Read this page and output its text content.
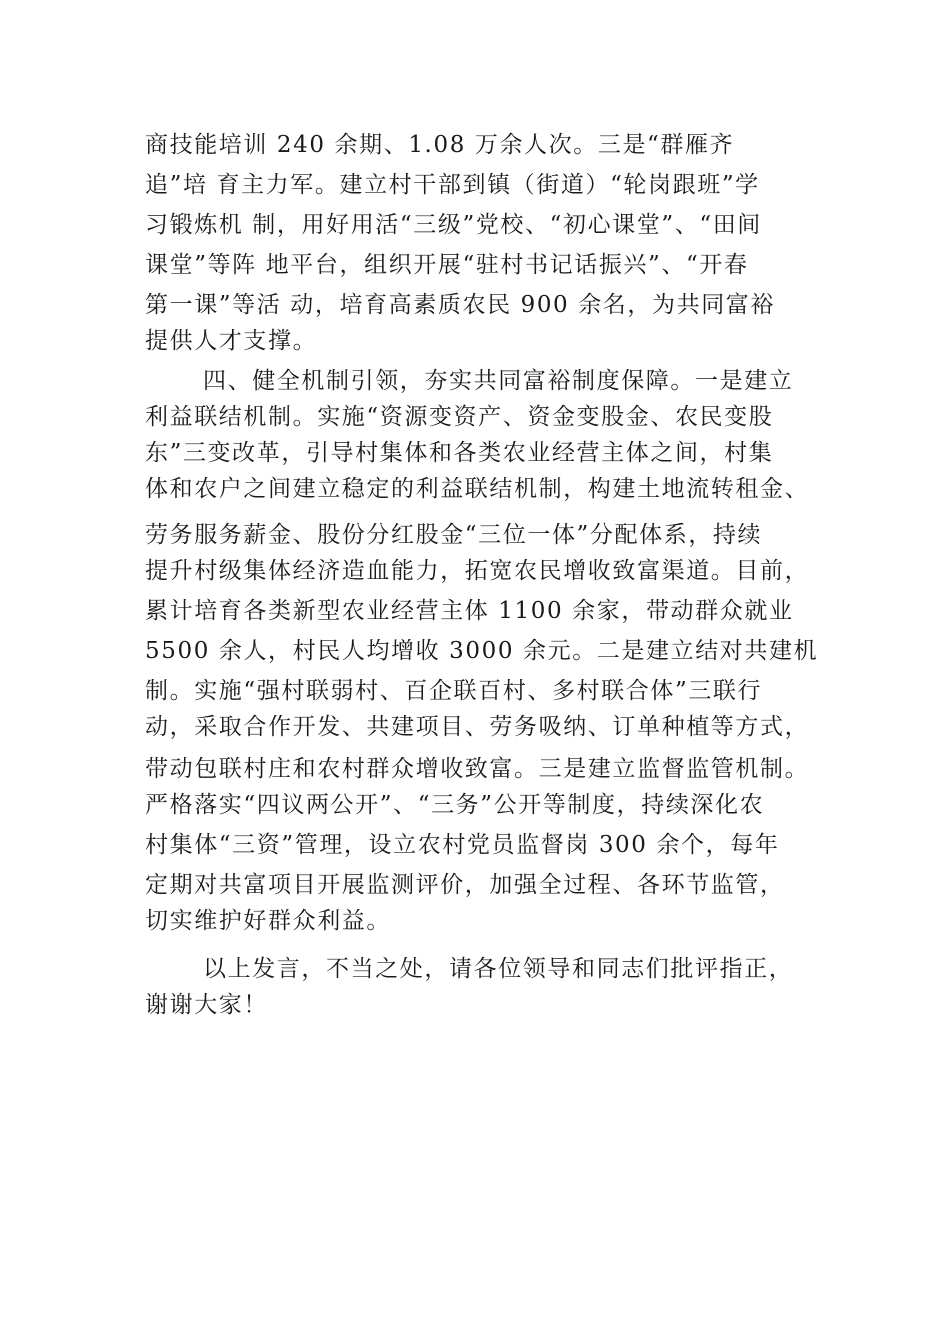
商技能培训 240 余期、1.08 万余人次。三是“群雁齐
追”培 育主力军。建立村干部到镇（街道）“轮岗跟班”学
习锻炼机 制，用好用活“三级”党校、“初心课堂”、“田间
课堂”等阵 地平台，组织开展“驻村书记话振兴”、“开春
第一课”等活 动，培育高素质农民 900 余名，为共同富裕
提供人才支撑。
四、健全机制引领，夯实共同富裕制度保障。一是建立
利益联结机制。实施“资源变资产、资金变股金、农民变股
东”三变改革，引导村集体和各类农业经营主体之间，村集
体和农户之间建立稳定的利益联结机制，构建土地流转租金、
劳务服务薪金、股份分红股金“三位一体”分配体系，持续
提升村级集体经济造血能力，拓宽农民增收致富渠道。目前，
累计培育各类新型农业经营主体 1100 余家，带动群众就业
5500 余人，村民人均增收 3000 余元。二是建立结对共建机
制。实施“强村联弱村、百企联百村、多村联合体”三联行
动，采取合作开发、共建项目、劳务吸纳、订单种植等方式，
带动包联村庄和农村群众增收致富。三是建立监督监管机制。
严格落实“四议两公开”、“三务”公开等制度，持续深化农
村集体“三资”管理，设立农村党员监督岗 300 余个，每年
定期对共富项目开展监测评价，加强全过程、各环节监管，
切实维护好群众利益。
以上发言，不当之处，请各位领导和同志们批评指正，
谢谢大家！
